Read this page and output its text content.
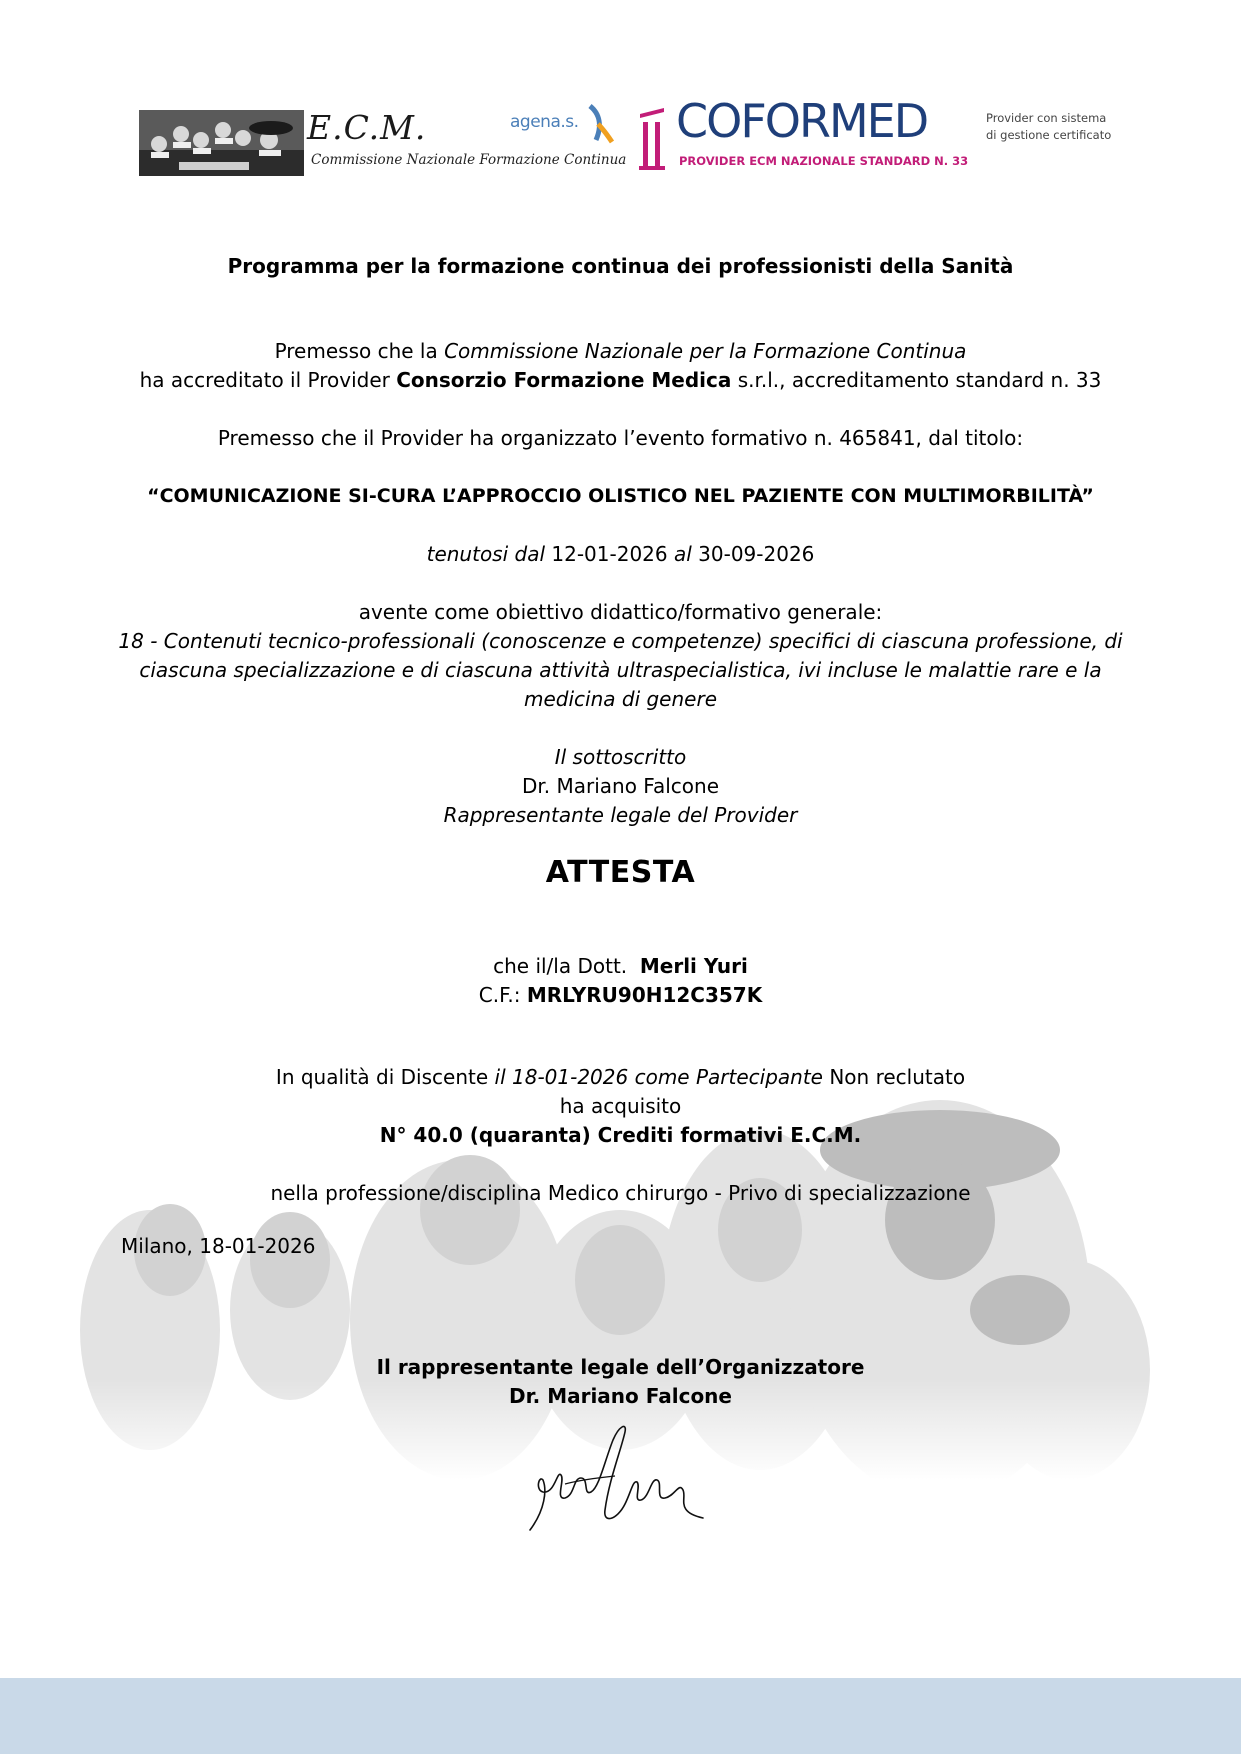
E.C.M.
Commissione Nazionale Formazione Continua
agena.s. COFORMED
PROVIDER ECM NAZIONALE STANDARD N. 33
Provider con sistema
di gestione certificato
Programma per la formazione continua dei professionisti della Sanità
Premesso che la Commissione Nazionale per la Formazione Continua
ha accreditato il Provider Consorzio Formazione Medica s.r.l., accreditamento standard n. 33
Premesso che il Provider ha organizzato l’evento formativo n. 465841, dal titolo:
“COMUNICAZIONE SI-CURA L’APPROCCIO OLISTICO NEL PAZIENTE CON MULTIMORBILITÀ”
tenutosi dal 12-01-2026 al 30-09-2026
avente come obiettivo didattico/formativo generale:
18 - Contenuti tecnico-professionali (conoscenze e competenze) specifici di ciascuna professione, di ciascuna specializzazione e di ciascuna attività ultraspecialistica, ivi incluse le malattie rare e la medicina di genere
Il sottoscritto
Dr. Mariano Falcone
Rappresentante legale del Provider
ATTESTA
che il/la Dott. Merli Yuri
C.F.: MRLYRU90H12C357K
In qualità di Discente il 18-01-2026 come Partecipante Non reclutato
ha acquisito
N° 40.0 (quaranta) Crediti formativi E.C.M.
nella professione/disciplina Medico chirurgo - Privo di specializzazione
Milano, 18-01-2026
Il rappresentante legale dell’Organizzatore
Dr. Mariano Falcone
